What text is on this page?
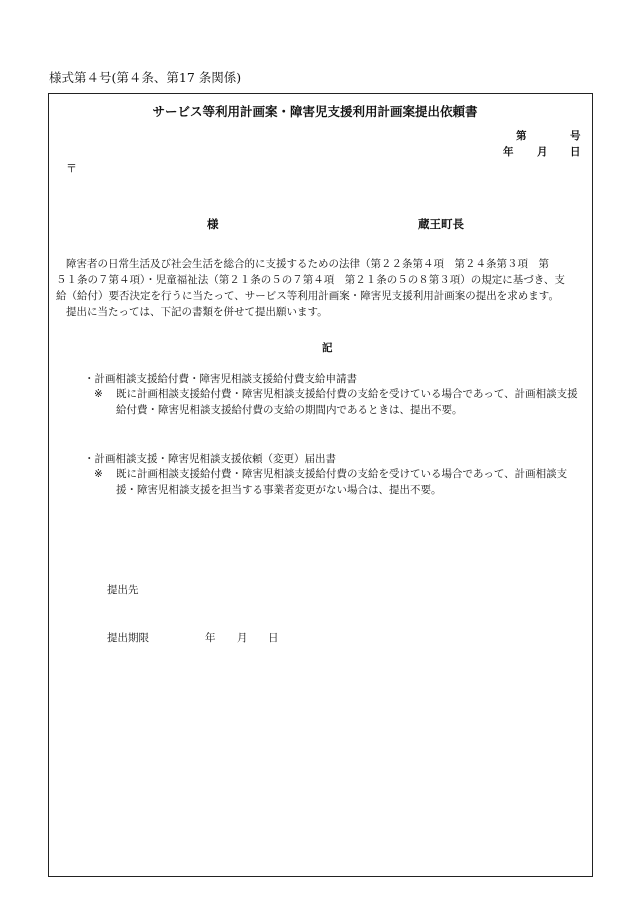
様式第４号(第４条、第17 条関係)
サービス等利用計画案・障害児支援利用計画案提出依頼書
第	号
年 月 日
〒
様	蔵王町長

障害者の日常生活及び社会生活を総合的に支援するための法律（第２２条第４項　第２４条第３項　第

５１条の７第４項）・児童福祉法（第２１条の５の７第４項　第２１条の５の８第３項）の規定に基づき、支

給（給付）要否決定を行うに当たって、サービス等利用計画案・障害児支援利用計画案の提出を求めます。

提出に当たっては、下記の書類を併せて提出願います。

記
・計画相談支援給付費・障害児相談支援給付費支給申請書
※ 既に計画相談支援給付費・障害児相談支援給付費の支給を受けている場合であって、計画相談支援給付費・障害児相談支援給付費の支給の期間内であるときは、提出不要。
・計画相談支援・障害児相談支援依頼（変更）届出書
※ 既に計画相談支援給付費・障害児相談支援給付費の支給を受けている場合であって、計画相談支援・障害児相談支援を担当する事業者変更がない場合は、提出不要。
提出先
提出期限	年 月 日
